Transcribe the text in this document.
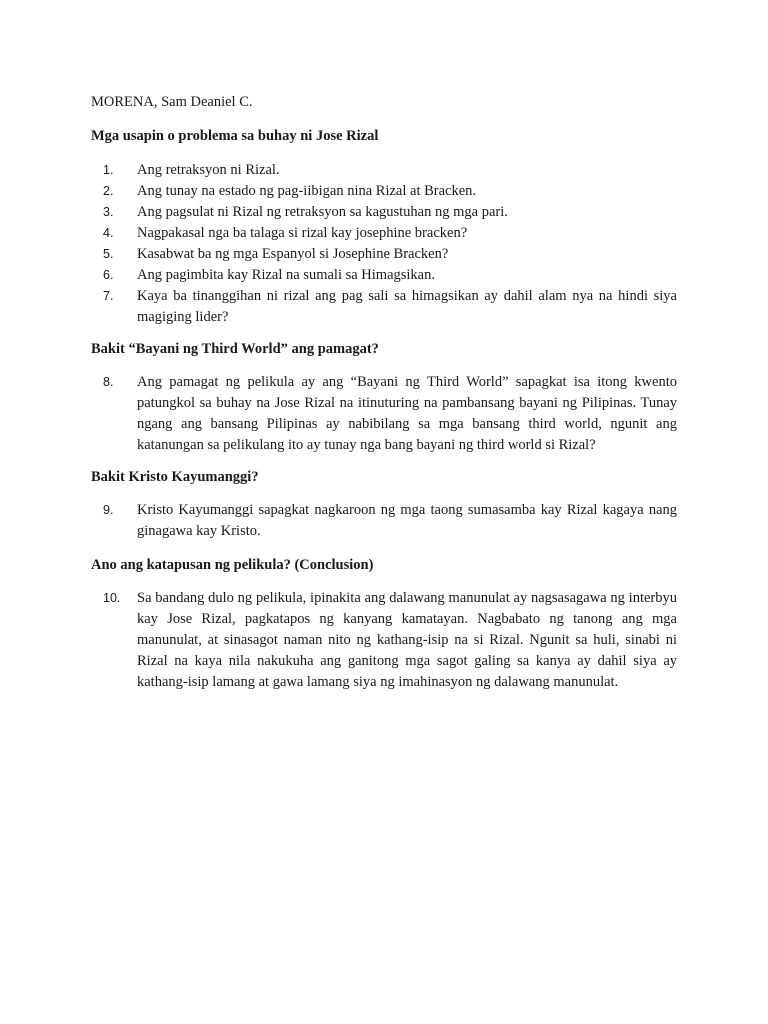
MORENA, Sam Deaniel C.
Mga usapin o problema sa buhay ni Jose Rizal
1.	Ang retraksyon ni Rizal.
2.	Ang tunay na estado ng pag-iibigan nina Rizal at Bracken.
3.	Ang pagsulat ni Rizal ng retraksyon sa kagustuhan ng mga pari.
4.	Nagpakasal nga ba talaga si rizal kay josephine bracken?
5.	Kasabwat ba ng mga Espanyol si Josephine Bracken?
6.	Ang pagimbita kay Rizal na sumali sa Himagsikan.
7.	Kaya ba tinanggihan ni rizal ang pag sali sa himagsikan ay dahil alam nya na hindi siya magiging lider?
Bakit “Bayani ng Third World” ang pamagat?
8.	Ang pamagat ng pelikula ay ang “Bayani ng Third World” sapagkat isa itong kwento patungkol sa buhay na Jose Rizal na itinuturing na pambansang bayani ng Pilipinas. Tunay ngang ang bansang Pilipinas ay nabibilang sa mga bansang third world, ngunit ang katanungan sa pelikulang ito ay tunay nga bang bayani ng third world si Rizal?
Bakit Kristo Kayumanggi?
9.	Kristo Kayumanggi sapagkat nagkaroon ng mga taong sumasamba kay Rizal kagaya nang ginagawa kay Kristo.
Ano ang katapusan ng pelikula? (Conclusion)
10.	Sa bandang dulo ng pelikula, ipinakita ang dalawang manunulat ay nagsasagawa ng interbyu kay Jose Rizal, pagkatapos ng kanyang kamatayan. Nagbabato ng tanong ang mga manunulat, at sinasagot naman nito ng kathang-isip na si Rizal. Ngunit sa huli, sinabi ni Rizal na kaya nila nakukuha ang ganitong mga sagot galing sa kanya ay dahil siya ay kathang-isip lamang at gawa lamang siya ng imahinasyon ng dalawang manunulat.
